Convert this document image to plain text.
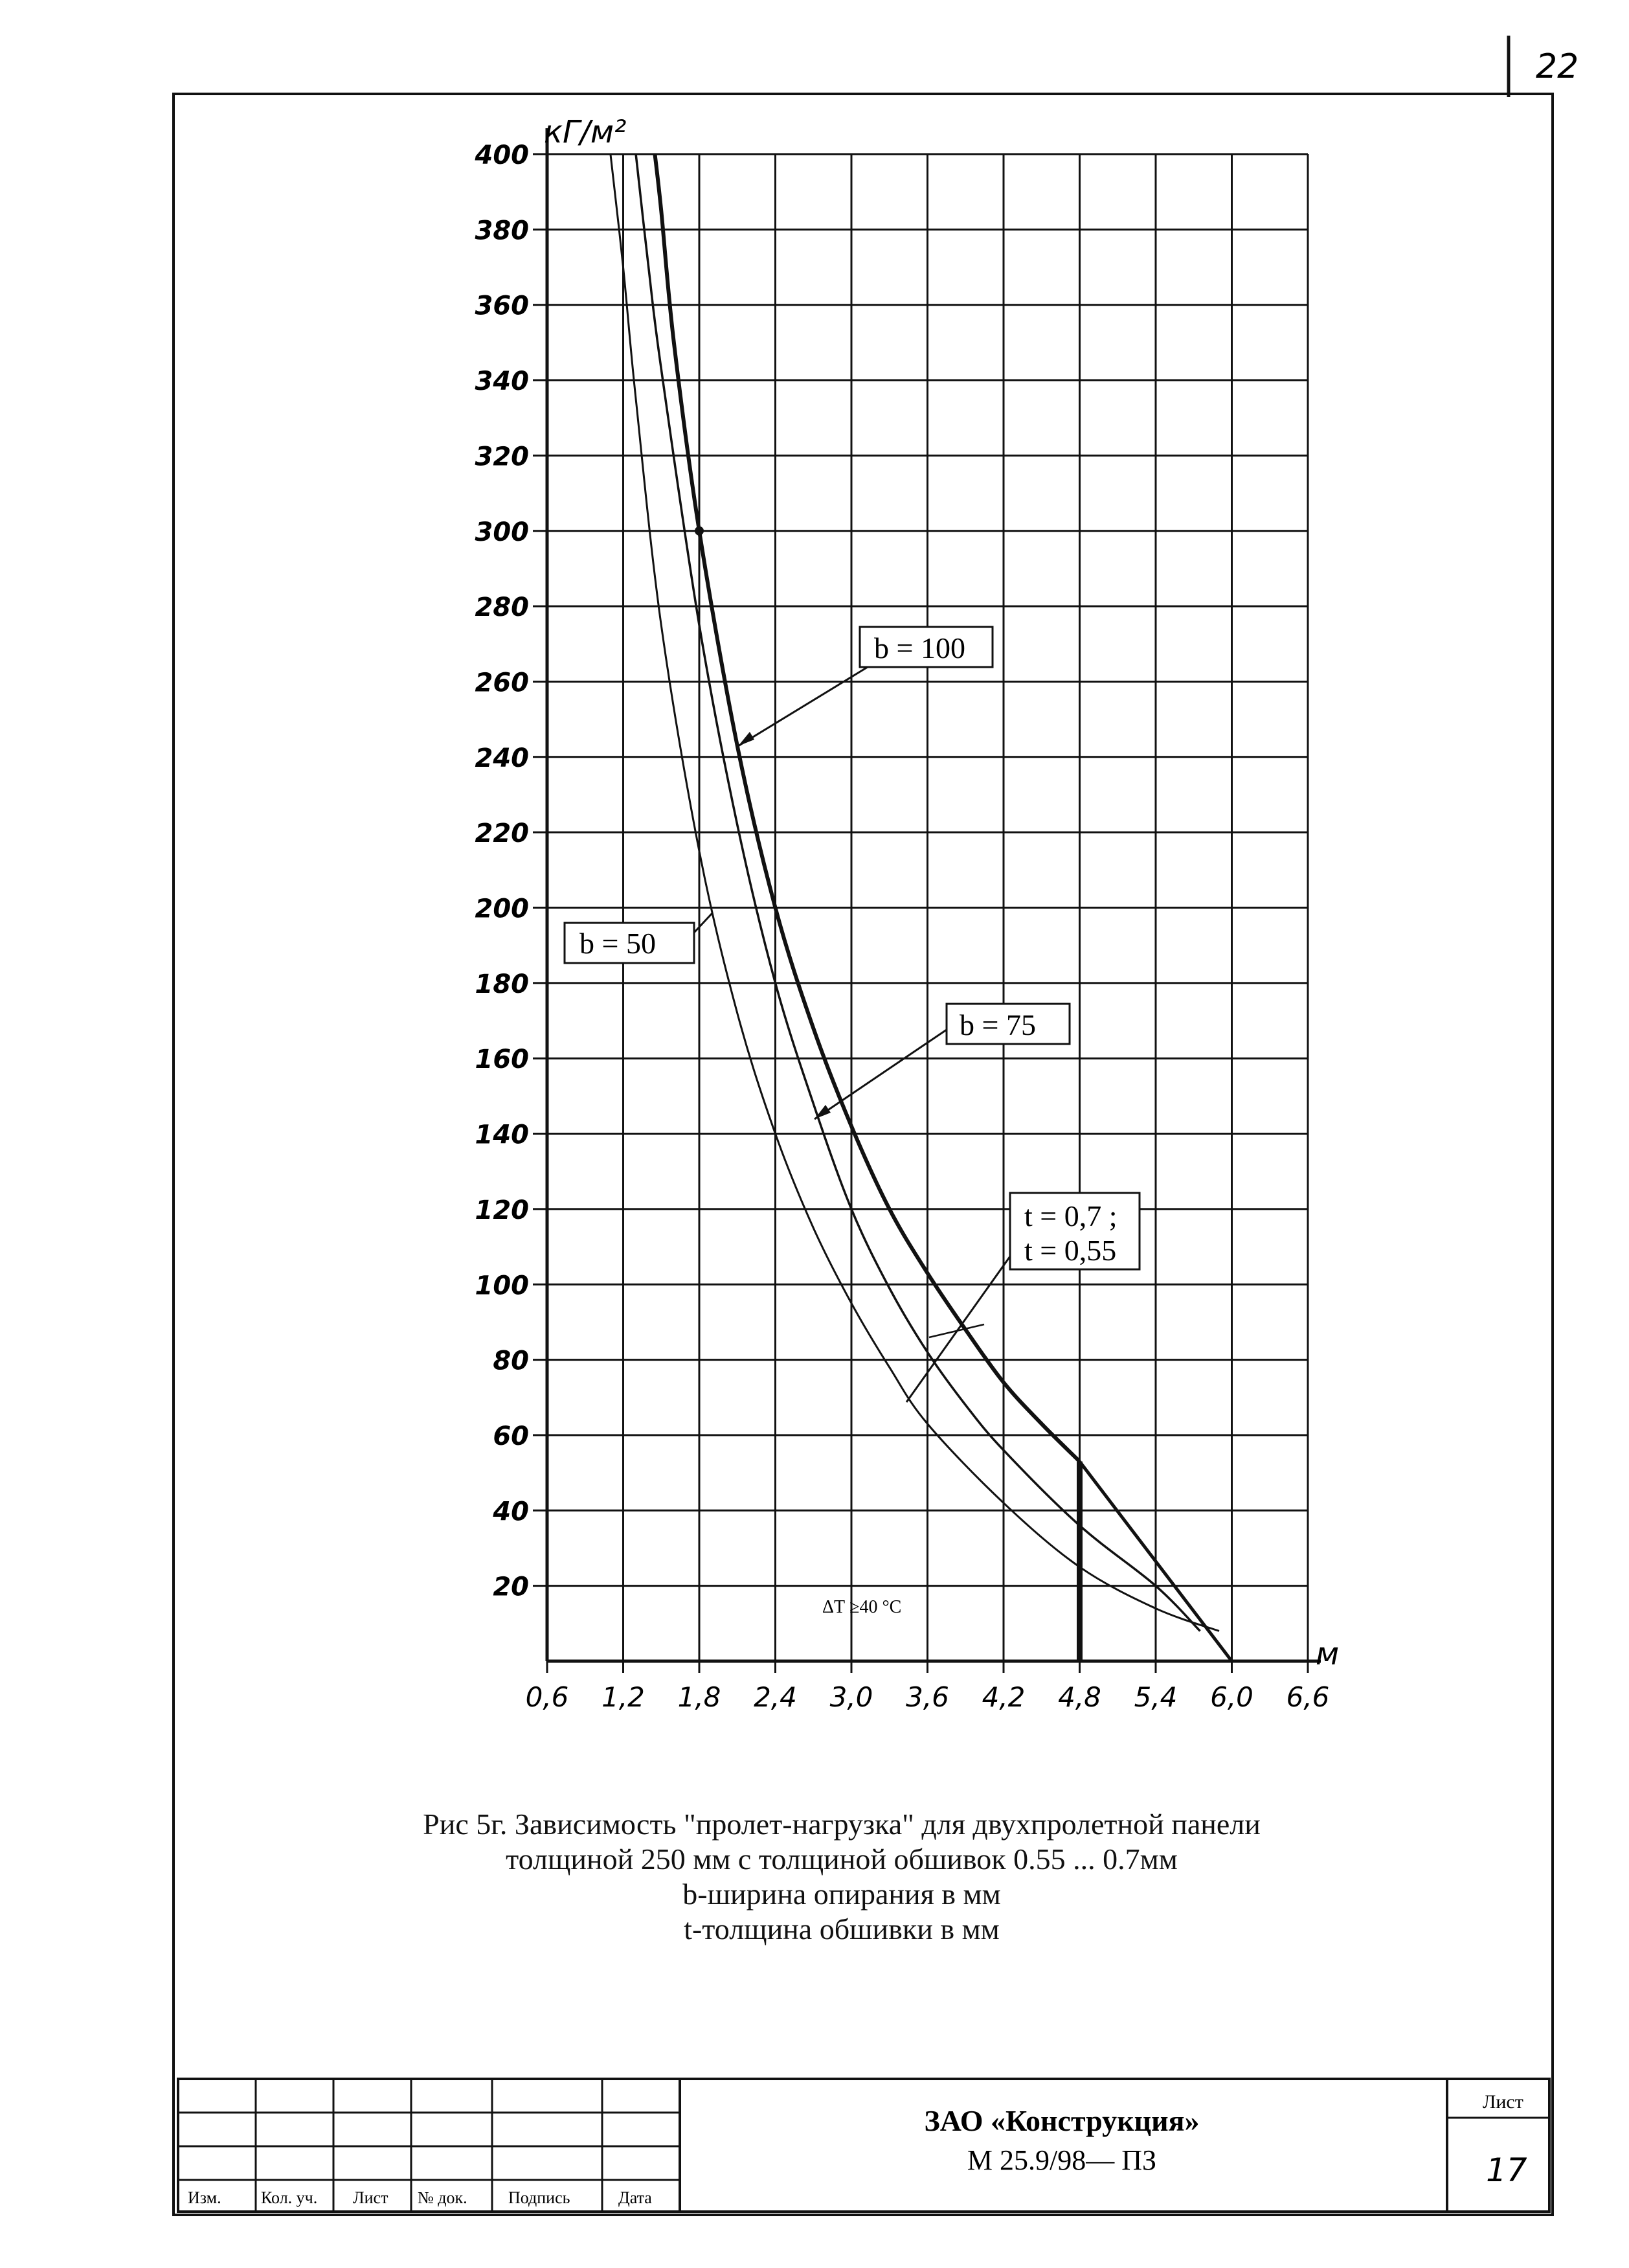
22
0,6 1,2 1,8 2,4 3,0 3,6 4,2 4,8 5,4 6,0 6,6
20
40
60
80
100
120
140
160
180
200
220
240
260
280
300
320
340
360
380
400
кГ/м²
м
ΔТ ≥40 °С
b = 100
b = 50
b = 75
t = 0,7 ;
t = 0,55
Изм. Кол. уч. Лист № док. Подпись	Дата
ЗАО «Конструкция»
М 25.9/98— ПЗ
Лист
17
Рис 5г. Зависимость "пролет-нагрузка" для двухпролетной панели
толщиной 250 мм с толщиной обшивок 0.55 ... 0.7мм
b-ширина опирания в мм
t-толщина обшивки в мм
